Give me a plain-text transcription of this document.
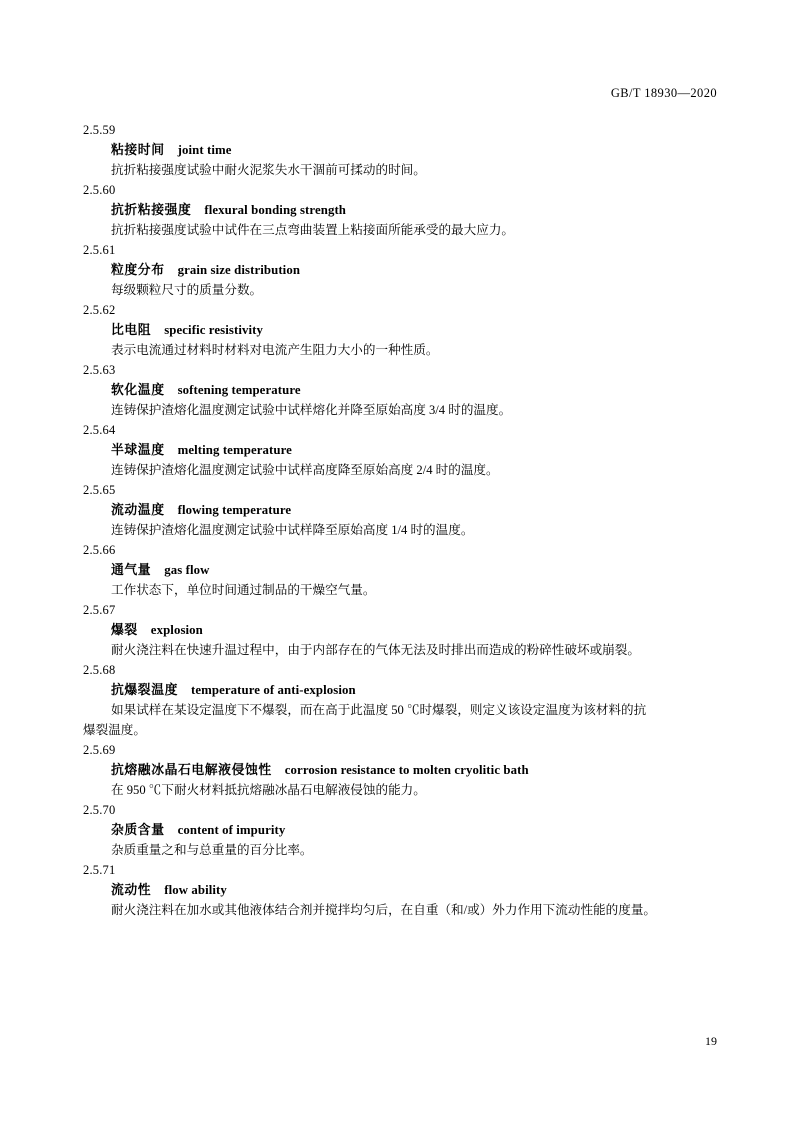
GB/T 18930—2020
2.5.59
粘接时间 joint time
抗折粘接强度试验中耐火泥浆失水干涸前可揉动的时间。
2.5.60
抗折粘接强度 flexural bonding strength
抗折粘接强度试验中试件在三点弯曲装置上粘接面所能承受的最大应力。
2.5.61
粒度分布 grain size distribution
每级颗粒尺寸的质量分数。
2.5.62
比电阻 specific resistivity
表示电流通过材料时材料对电流产生阻力大小的一种性质。
2.5.63
软化温度 softening temperature
连铸保护渣熔化温度测定试验中试样熔化并降至原始高度 3/4 时的温度。
2.5.64
半球温度 melting temperature
连铸保护渣熔化温度测定试验中试样高度降至原始高度 2/4 时的温度。
2.5.65
流动温度 flowing temperature
连铸保护渣熔化温度测定试验中试样降至原始高度 1/4 时的温度。
2.5.66
通气量 gas flow
工作状态下，单位时间通过制品的干燥空气量。
2.5.67
爆裂 explosion
耐火浇注料在快速升温过程中，由于内部存在的气体无法及时排出而造成的粉碎性破坏或崩裂。
2.5.68
抗爆裂温度 temperature of anti-explosion
如果试样在某设定温度下不爆裂，而在高于此温度 50 ℃时爆裂，则定义该设定温度为该材料的抗
爆裂温度。
2.5.69
抗熔融冰晶石电解液侵蚀性 corrosion resistance to molten cryolitic bath
在 950 ℃下耐火材料抵抗熔融冰晶石电解液侵蚀的能力。
2.5.70
杂质含量 content of impurity
杂质重量之和与总重量的百分比率。
2.5.71
流动性 flow ability
耐火浇注料在加水或其他液体结合剂并搅拌均匀后，在自重（和/或）外力作用下流动性能的度量。
19
